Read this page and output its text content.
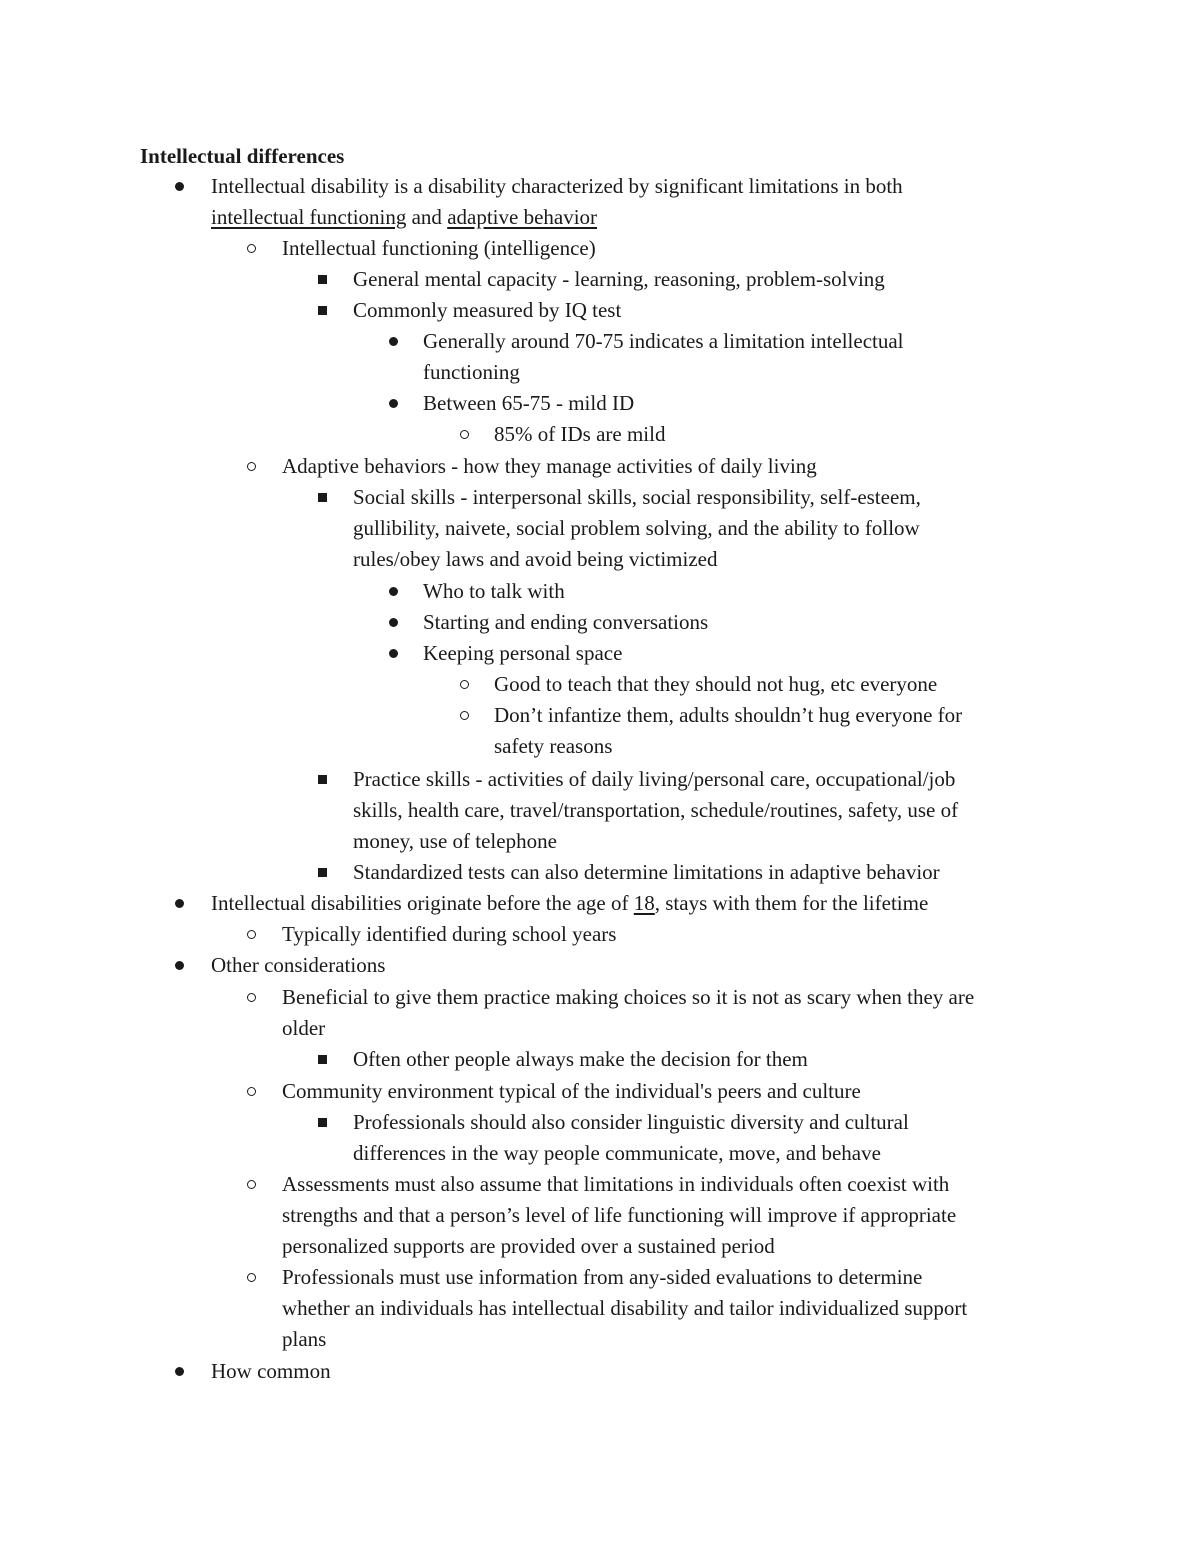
Intellectual differences
Intellectual disability is a disability characterized by significant limitations in both
intellectual functioning and adaptive behavior
Intellectual functioning (intelligence)
General mental capacity - learning, reasoning, problem-solving
Commonly measured by IQ test
Generally around 70-75 indicates a limitation intellectual
functioning
Between 65-75 - mild ID
85% of IDs are mild
Adaptive behaviors - how they manage activities of daily living
Social skills - interpersonal skills, social responsibility, self-esteem,
gullibility, naivete, social problem solving, and the ability to follow
rules/obey laws and avoid being victimized
Who to talk with
Starting and ending conversations
Keeping personal space
Good to teach that they should not hug, etc everyone
Don’t infantize them, adults shouldn’t hug everyone for
safety reasons
Practice skills - activities of daily living/personal care, occupational/job
skills, health care, travel/transportation, schedule/routines, safety, use of
money, use of telephone
Standardized tests can also determine limitations in adaptive behavior
Intellectual disabilities originate before the age of 18, stays with them for the lifetime
Typically identified during school years
Other considerations
Beneficial to give them practice making choices so it is not as scary when they are
older
Often other people always make the decision for them
Community environment typical of the individual's peers and culture
Professionals should also consider linguistic diversity and cultural
differences in the way people communicate, move, and behave
Assessments must also assume that limitations in individuals often coexist with
strengths and that a person’s level of life functioning will improve if appropriate
personalized supports are provided over a sustained period
Professionals must use information from any-sided evaluations to determine
whether an individuals has intellectual disability and tailor individualized support
plans
How common
